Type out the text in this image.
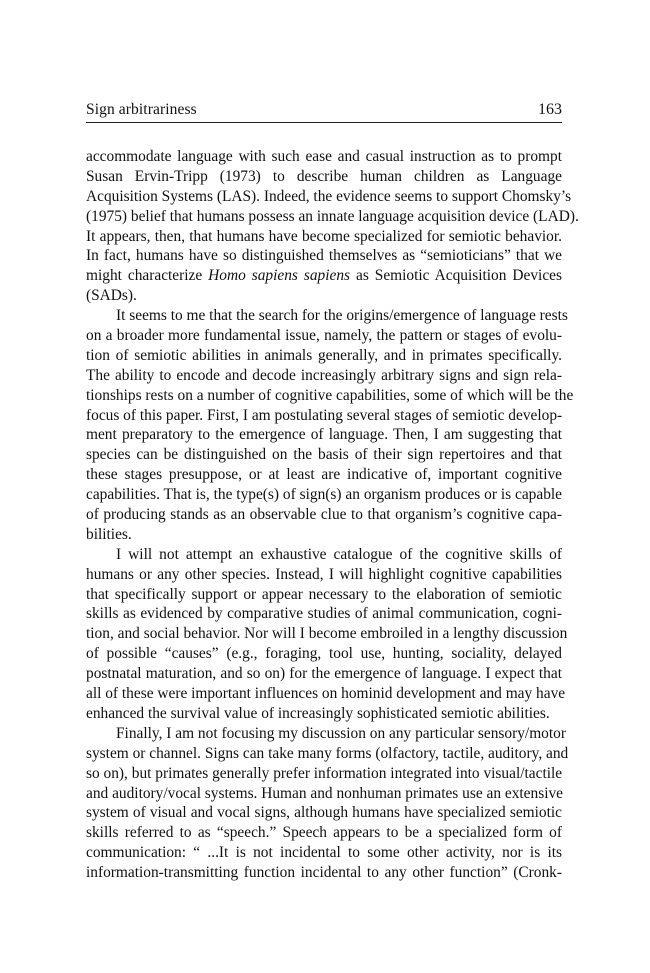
Sign arbitrariness	163
accommodate language with such ease and casual instruction as to prompt
Susan Ervin-Tripp (1973) to describe human children as Language
Acquisition Systems (LAS). Indeed, the evidence seems to support Chomsky’s
(1975) belief that humans possess an innate language acquisition device (LAD).
It appears, then, that humans have become specialized for semiotic behavior.
In fact, humans have so distinguished themselves as “semioticians” that we
might characterize Homo sapiens sapiens as Semiotic Acquisition Devices
(SADs).
It seems to me that the search for the origins/emergence of language rests
on a broader more fundamental issue, namely, the pattern or stages of evolu-
tion of semiotic abilities in animals generally, and in primates specifically.
The ability to encode and decode increasingly arbitrary signs and sign rela-
tionships rests on a number of cognitive capabilities, some of which will be the
focus of this paper. First, I am postulating several stages of semiotic develop-
ment preparatory to the emergence of language. Then, I am suggesting that
species can be distinguished on the basis of their sign repertoires and that
these stages presuppose, or at least are indicative of, important cognitive
capabilities. That is, the type(s) of sign(s) an organism produces or is capable
of producing stands as an observable clue to that organism’s cognitive capa-
bilities.
I will not attempt an exhaustive catalogue of the cognitive skills of
humans or any other species. Instead, I will highlight cognitive capabilities
that specifically support or appear necessary to the elaboration of semiotic
skills as evidenced by comparative studies of animal communication, cogni-
tion, and social behavior. Nor will I become embroiled in a lengthy discussion
of possible “causes” (e.g., foraging, tool use, hunting, sociality, delayed
postnatal maturation, and so on) for the emergence of language. I expect that
all of these were important influences on hominid development and may have
enhanced the survival value of increasingly sophisticated semiotic abilities.
Finally, I am not focusing my discussion on any particular sensory/motor
system or channel. Signs can take many forms (olfactory, tactile, auditory, and
so on), but primates generally prefer information integrated into visual/tactile
and auditory/vocal systems. Human and nonhuman primates use an extensive
system of visual and vocal signs, although humans have specialized semiotic
skills referred to as “speech.” Speech appears to be a specialized form of
communication: “ ...It is not incidental to some other activity, nor is its
information-transmitting function incidental to any other function” (Cronk-
